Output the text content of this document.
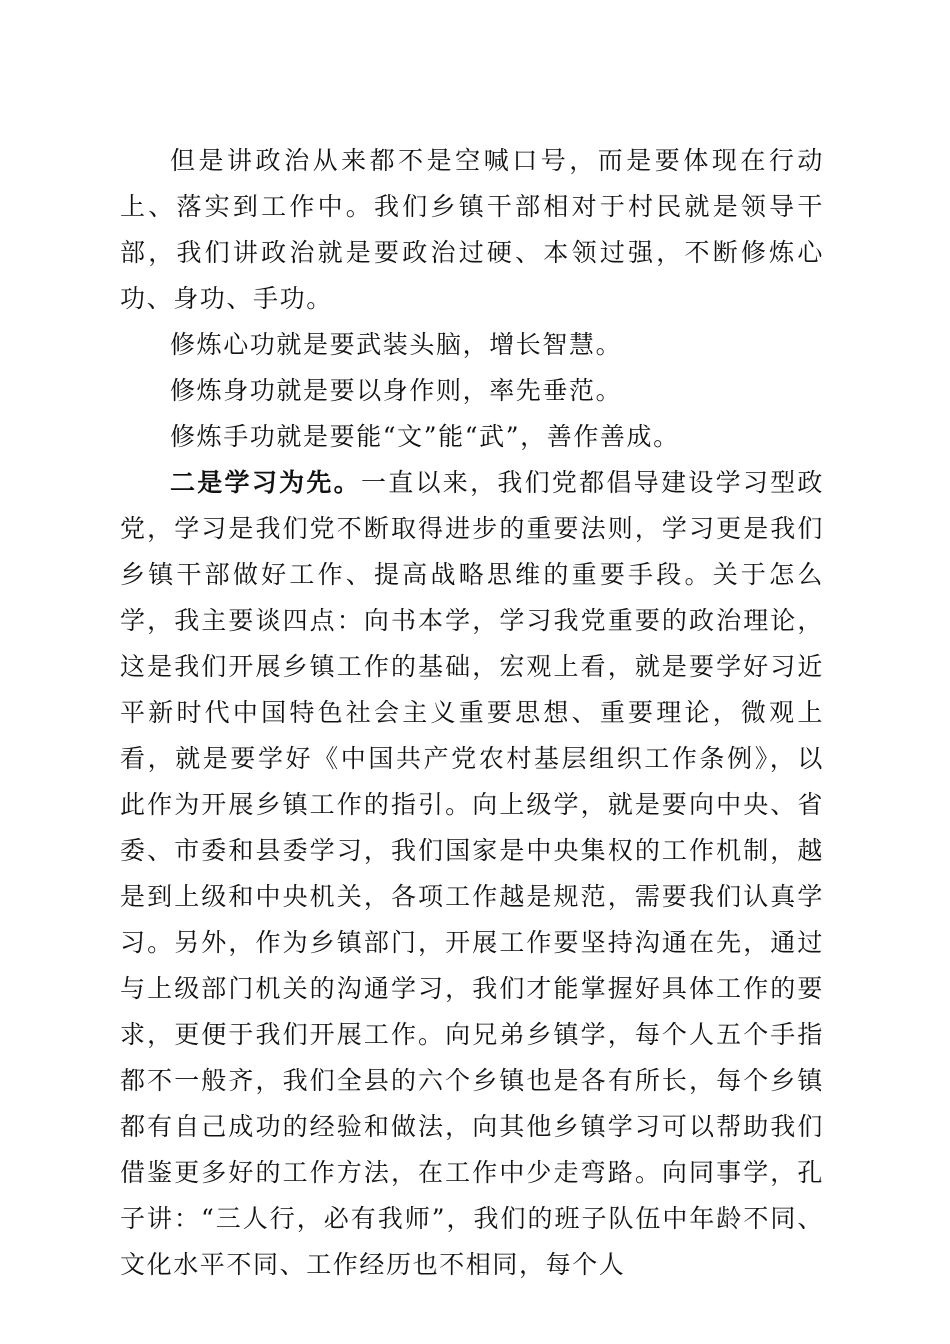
但是讲政治从来都不是空喊口号，而是要体现在行动上、落实到工作中。我们乡镇干部相对于村民就是领导干部，我们讲政治就是要政治过硬、本领过强，不断修炼心功、身功、手功。

修炼心功就是要武装头脑，增长智慧。

修炼身功就是要以身作则，率先垂范。

修炼手功就是要能“文”能“武”，善作善成。

二是学习为先。一直以来，我们党都倡导建设学习型政党，学习是我们党不断取得进步的重要法则，学习更是我们乡镇干部做好工作、提高战略思维的重要手段。关于怎么学，我主要谈四点：向书本学，学习我党重要的政治理论，这是我们开展乡镇工作的基础，宏观上看，就是要学好习近平新时代中国特色社会主义重要思想、重要理论，微观上看，就是要学好《中国共产党农村基层组织工作条例》，以此作为开展乡镇工作的指引。向上级学，就是要向中央、省委、市委和县委学习，我们国家是中央集权的工作机制，越是到上级和中央机关，各项工作越是规范，需要我们认真学习。另外，作为乡镇部门，开展工作要坚持沟通在先，通过与上级部门机关的沟通学习，我们才能掌握好具体工作的要求，更便于我们开展工作。向兄弟乡镇学，每个人五个手指都不一般齐，我们全县的六个乡镇也是各有所长，每个乡镇都有自己成功的经验和做法，向其他乡镇学习可以帮助我们借鉴更多好的工作方法，在工作中少走弯路。向同事学，孔子讲：“三人行，必有我师”，我们的班子队伍中年龄不同、文化水平不同、工作经历也不相同，每个人
